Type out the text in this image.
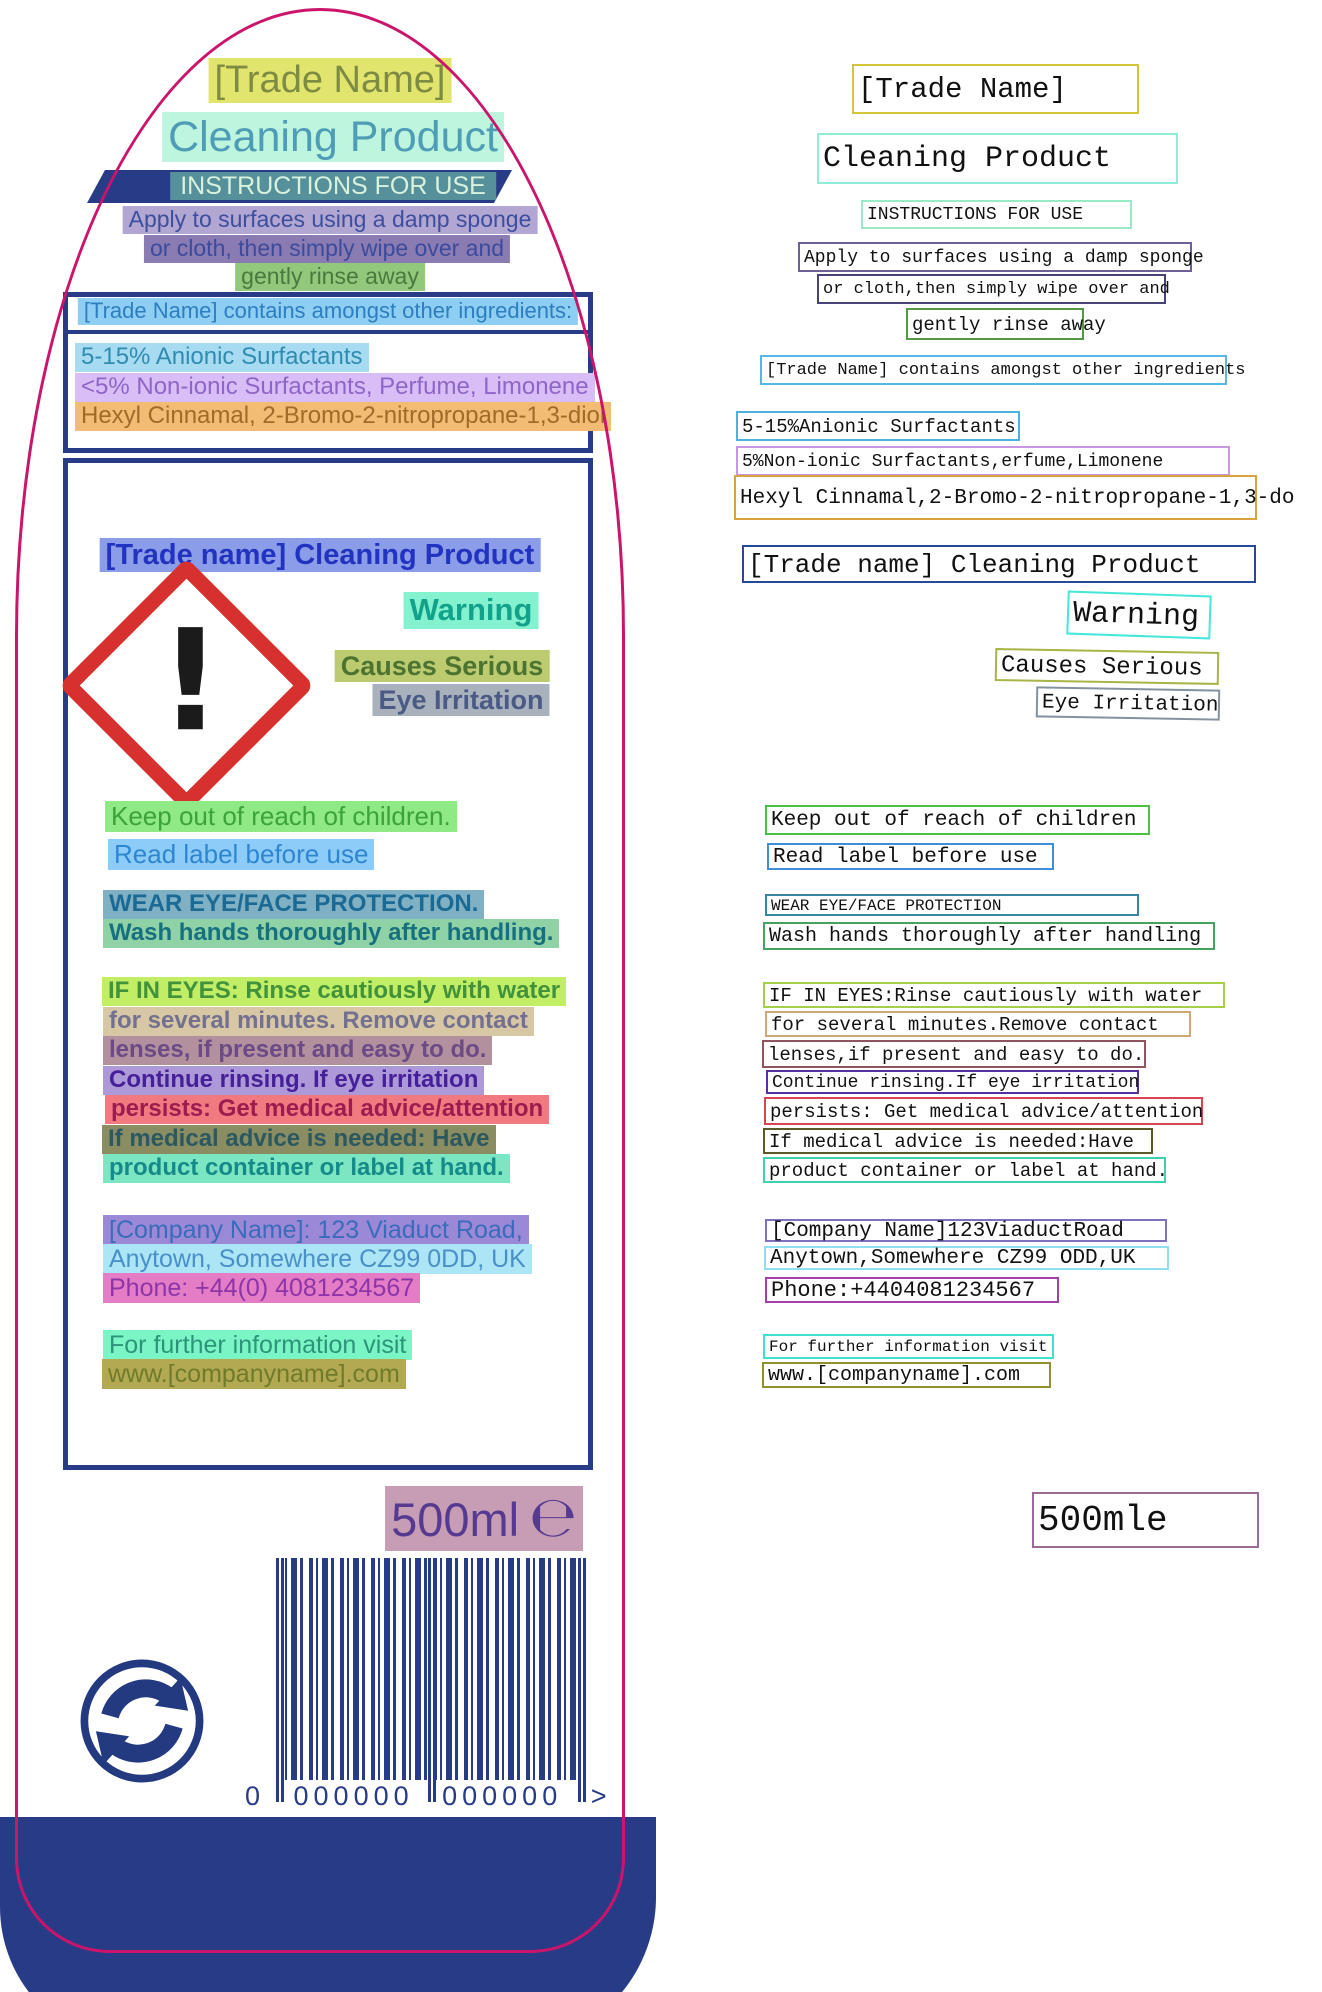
[Trade Name]
Cleaning Product
INSTRUCTIONS FOR USE
Apply to surfaces using a damp sponge
or cloth, then simply wipe over and
gently rinse away
[Trade Name] contains amongst other ingredients:
5-15% Anionic Surfactants
<5% Non-ionic Surfactants, Perfume, Limonene
Hexyl Cinnamal, 2-Bromo-2-nitropropane-1,3-diol
[Trade name] Cleaning Product
!	Warning
Causes Serious
Eye Irritation
Keep out of reach of children.
Read label before use
WEAR EYE/FACE PROTECTION.
Wash hands thoroughly after handling.
IF IN EYES: Rinse cautiously with water
for several minutes. Remove contact
lenses, if present and easy to do.
Continue rinsing. If eye irritation
persists: Get medical advice/attention
If medical advice is needed: Have
product container or label at hand.
[Company Name]: 123 Viaduct Road,
Anytown, Somewhere CZ99 0DD, UK
Phone: +44(0) 4081234567
For further information visit
www.[companyname].com
500ml ℮
0 000000 000000 >
[Trade Name]
Cleaning Product
INSTRUCTIONS FOR USE
Apply to surfaces using a damp sponge
or cloth,then simply wipe over and
gently rinse away
[Trade Name] contains amongst other ingredients
5-15%Anionic Surfactants
5%Non-ionic Surfactants,erfume,Limonene
Hexyl Cinnamal,2-Bromo-2-nitropropane-1,3-do
[Trade name] Cleaning Product
Warning
Causes Serious
Eye Irritation
Keep out of reach of children
Read label before use
WEAR EYE/FACE PROTECTION
Wash hands thoroughly after handling
IF IN EYES:Rinse cautiously with water
for several minutes.Remove contact
lenses,if present and easy to do.
Continue rinsing.If eye irritation
persists: Get medical advice/attention
If medical advice is needed:Have
product container or label at hand.
[Company Name]123ViaductRoad
Anytown,Somewhere CZ99 ODD,UK
Phone:+4404081234567
For further information visit
www.[companyname].com
500mle
